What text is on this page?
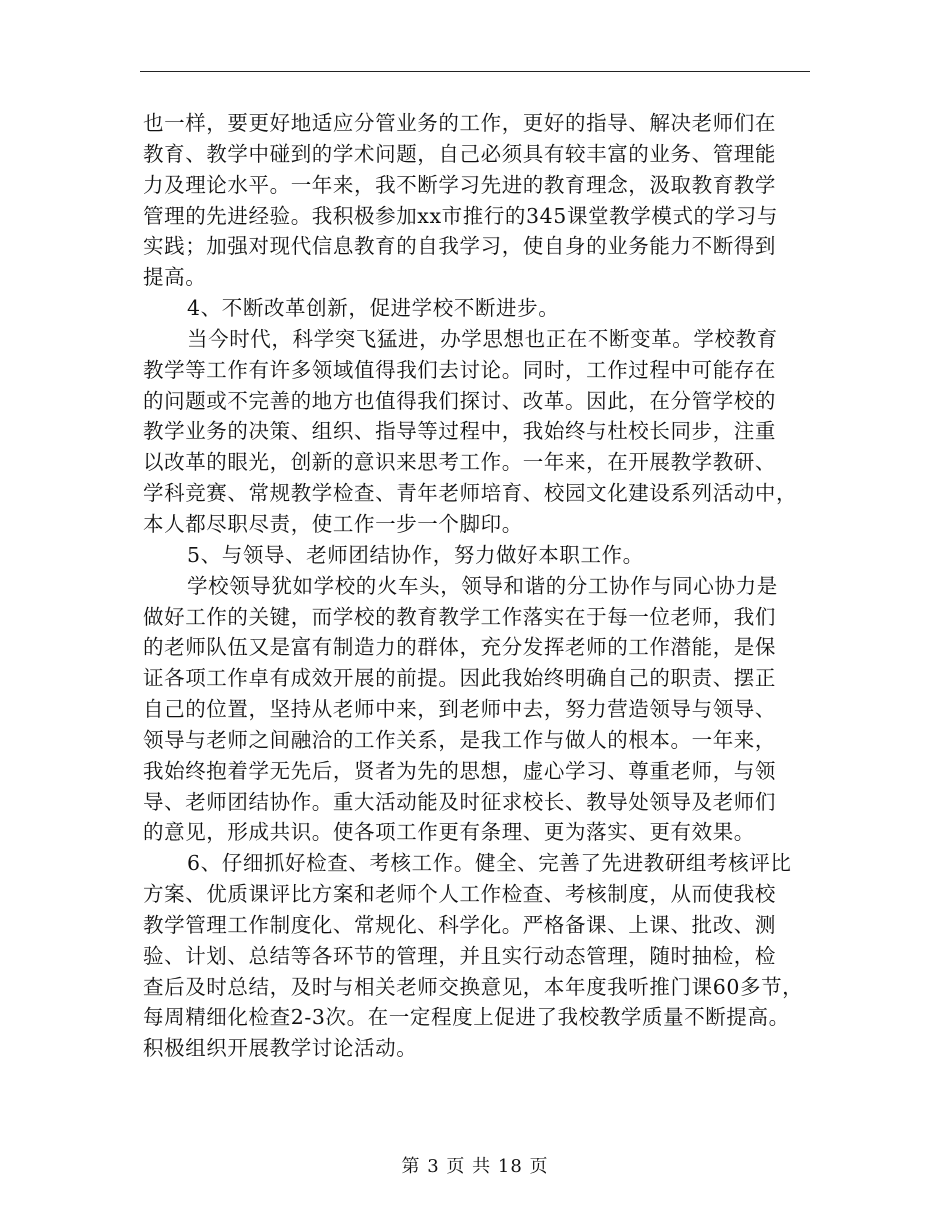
也一样，要更好地适应分管业务的工作，更好的指导、解决老师们在
教育、教学中碰到的学术问题，自己必须具有较丰富的业务、管理能
力及理论水平。一年来，我不断学习先进的教育理念，汲取教育教学
管理的先进经验。我积极参加xx市推行的345课堂教学模式的学习与
实践；加强对现代信息教育的自我学习，使自身的业务能力不断得到
提高。
4、不断改革创新，促进学校不断进步。
当今时代，科学突飞猛进，办学思想也正在不断变革。学校教育
教学等工作有许多领域值得我们去讨论。同时，工作过程中可能存在
的问题或不完善的地方也值得我们探讨、改革。因此，在分管学校的
教学业务的决策、组织、指导等过程中，我始终与杜校长同步，注重
以改革的眼光，创新的意识来思考工作。一年来，在开展教学教研、
学科竞赛、常规教学检查、青年老师培育、校园文化建设系列活动中，
本人都尽职尽责，使工作一步一个脚印。
5、与领导、老师团结协作，努力做好本职工作。
学校领导犹如学校的火车头，领导和谐的分工协作与同心协力是
做好工作的关键，而学校的教育教学工作落实在于每一位老师，我们
的老师队伍又是富有制造力的群体，充分发挥老师的工作潜能，是保
证各项工作卓有成效开展的前提。因此我始终明确自己的职责、摆正
自己的位置，坚持从老师中来，到老师中去，努力营造领导与领导、
领导与老师之间融洽的工作关系，是我工作与做人的根本。一年来，
我始终抱着学无先后，贤者为先的思想，虚心学习、尊重老师，与领
导、老师团结协作。重大活动能及时征求校长、教导处领导及老师们
的意见，形成共识。使各项工作更有条理、更为落实、更有效果。
6、仔细抓好检查、考核工作。健全、完善了先进教研组考核评比
方案、优质课评比方案和老师个人工作检查、考核制度，从而使我校
教学管理工作制度化、常规化、科学化。严格备课、上课、批改、测
验、计划、总结等各环节的管理，并且实行动态管理，随时抽检，检
查后及时总结，及时与相关老师交换意见，本年度我听推门课60多节，
每周精细化检查2-3次。在一定程度上促进了我校教学质量不断提高。
积极组织开展教学讨论活动。
第 3 页 共 18 页
